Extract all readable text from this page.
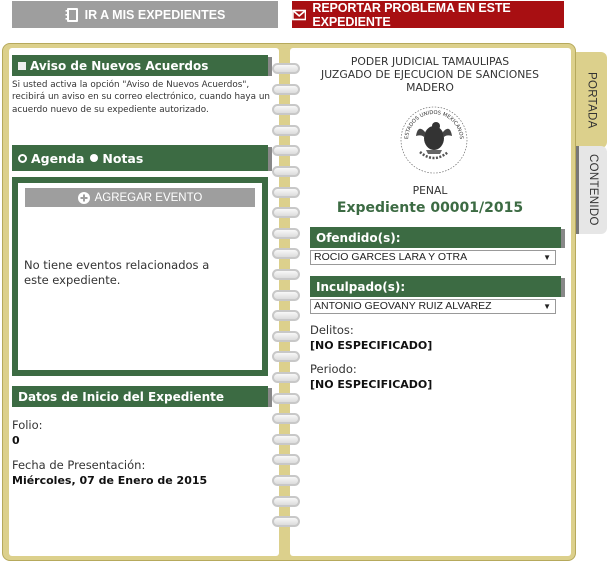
IR A MIS EXPEDIENTES	REPORTAR PROBLEMA EN ESTE EXPEDIENTE
PORTADA
CONTENIDO
Aviso de Nuevos Acuerdos
Si usted activa la opción "Aviso de Nuevos Acuerdos", recibirá un aviso en su correo electrónico, cuando haya un acuerdo nuevo de su expediente autorizado.
Agenda Notas
AGREGAR EVENTO
No tiene eventos relacionados a este expediente.
Datos de Inicio del Expediente
Folio:
0
Fecha de Presentación:
Miércoles, 07 de Enero de 2015
PODER JUDICIAL TAMAULIPAS
JUZGADO DE EJECUCION DE SANCIONES
MADERO
ESTADOS UNIDOS MEXICANOS
PENAL
Expediente 00001/2015
Ofendido(s):
ROCIO GARCES LARA Y OTRA	▼
Inculpado(s):
ANTONIO GEOVANY RUIZ ALVAREZ	▼
Delitos:
[NO ESPECIFICADO]
Periodo:
[NO ESPECIFICADO]
